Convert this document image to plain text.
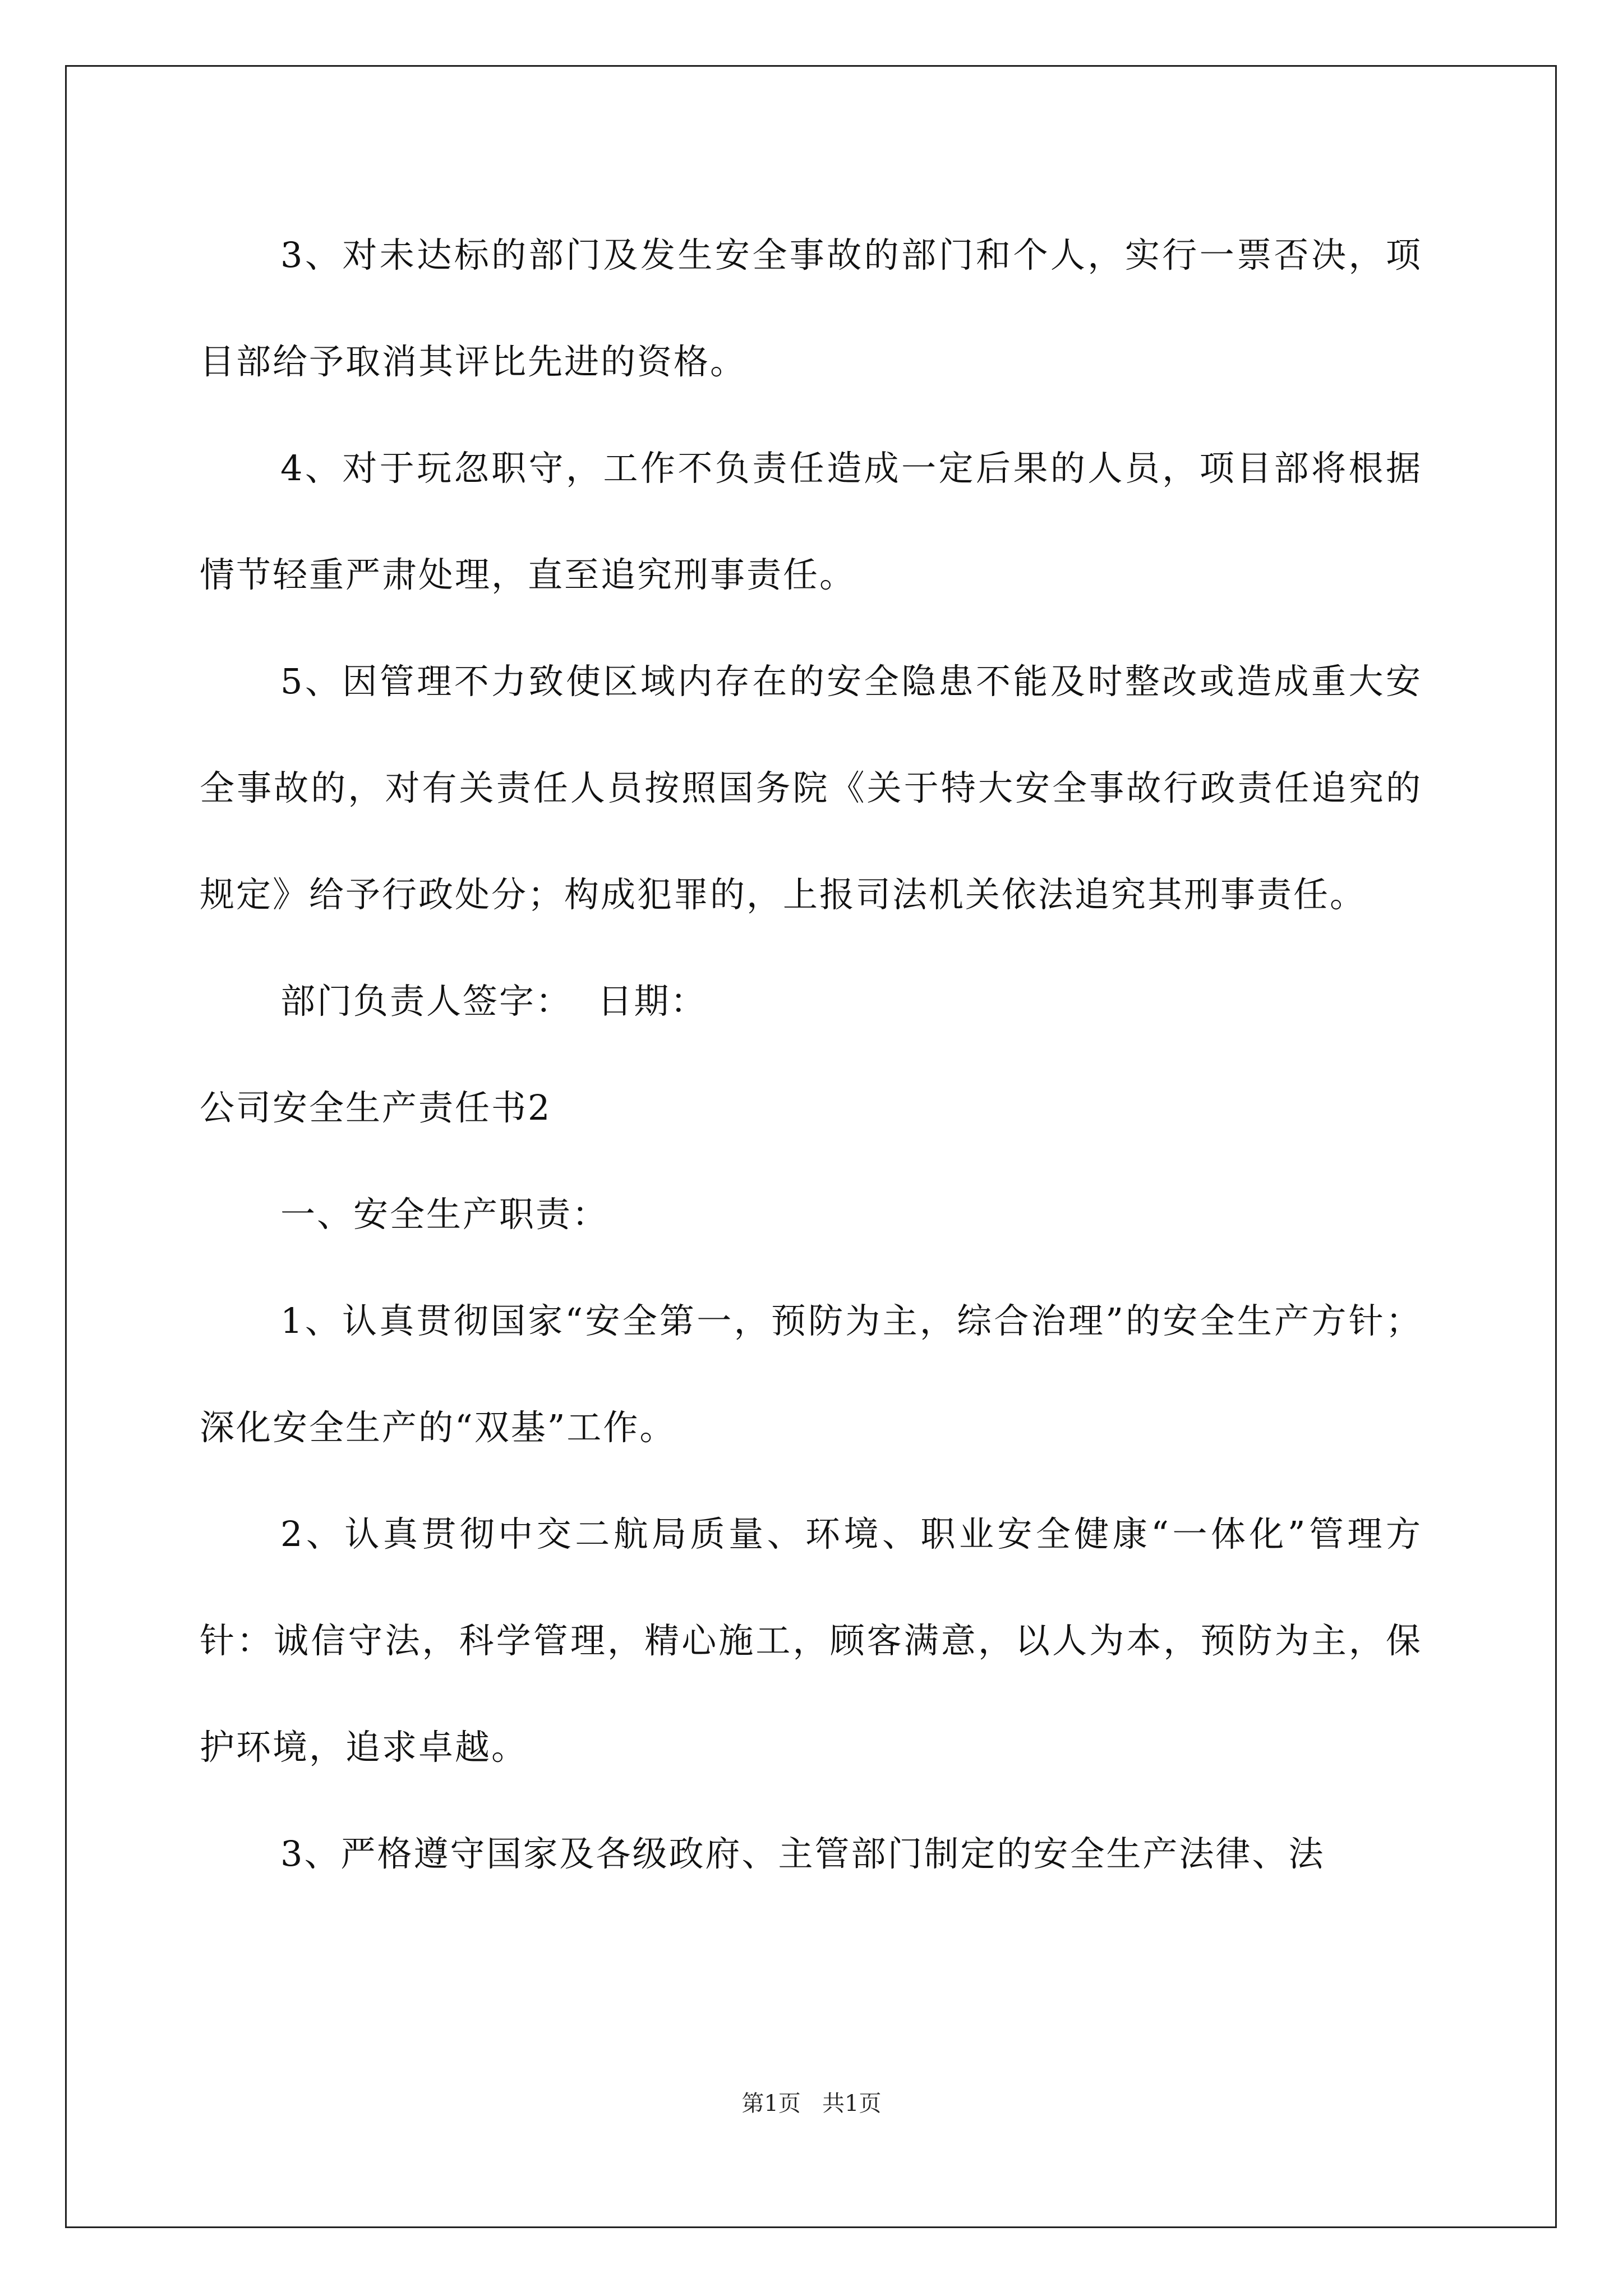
3、对未达标的部门及发生安全事故的部门和个人，实行一票否决，项目部给予取消其评比先进的资格。

4、对于玩忽职守，工作不负责任造成一定后果的人员，项目部将根据情节轻重严肃处理，直至追究刑事责任。

5、因管理不力致使区域内存在的安全隐患不能及时整改或造成重大安全事故的，对有关责任人员按照国务院《关于特大安全事故行政责任追究的规定》给予行政处分；构成犯罪的，上报司法机关依法追究其刑事责任。

部门负责人签字：  日期：

公司安全生产责任书2

一、安全生产职责：

1、认真贯彻国家“安全第一，预防为主，综合治理”的安全生产方针；深化安全生产的“双基”工作。

2、认真贯彻中交二航局质量、环境、职业安全健康“一体化”管理方针：诚信守法，科学管理，精心施工，顾客满意，以人为本，预防为主，保护环境，追求卓越。

3、严格遵守国家及各级政府、主管部门制定的安全生产法律、法

第1页   共1页
